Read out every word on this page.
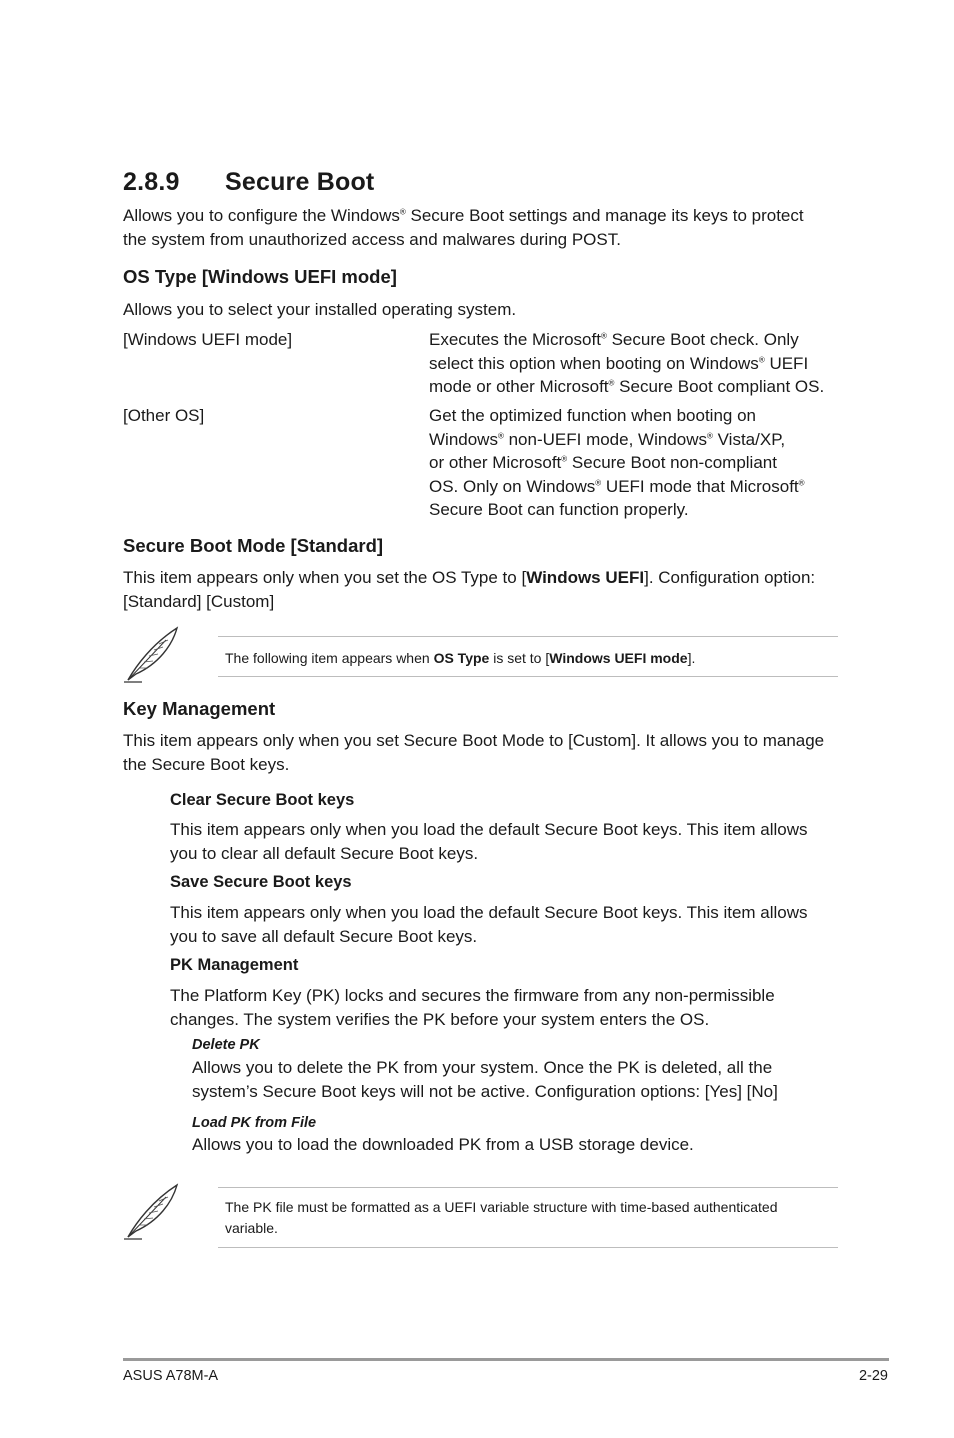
2.8.9 Secure Boot
Allows you to configure the Windows® Secure Boot settings and manage its keys to protect
the system from unauthorized access and malwares during POST.
OS Type [Windows UEFI mode]
Allows you to select your installed operating system.
[Windows UEFI mode]	Executes the Microsoft® Secure Boot check. Only
select this option when booting on Windows® UEFI
mode or other Microsoft® Secure Boot compliant OS.
[Other OS]	Get the optimized function when booting on
Windows® non-UEFI mode, Windows® Vista/XP,
or other Microsoft® Secure Boot non-compliant
OS. Only on Windows® UEFI mode that Microsoft®
Secure Boot can function properly.
Secure Boot Mode [Standard]
This item appears only when you set the OS Type to [Windows UEFI]. Configuration option:
[Standard] [Custom]
The following item appears when OS Type is set to [Windows UEFI mode].
Key Management
This item appears only when you set Secure Boot Mode to [Custom]. It allows you to manage
the Secure Boot keys.
Clear Secure Boot keys
This item appears only when you load the default Secure Boot keys. This item allows
you to clear all default Secure Boot keys.
Save Secure Boot keys
This item appears only when you load the default Secure Boot keys. This item allows
you to save all default Secure Boot keys.
PK Management
The Platform Key (PK) locks and secures the firmware from any non-permissible
changes. The system verifies the PK before your system enters the OS.
Delete PK
Allows you to delete the PK from your system. Once the PK is deleted, all the
system’s Secure Boot keys will not be active. Configuration options: [Yes] [No]
Load PK from File
Allows you to load the downloaded PK from a USB storage device.
The PK file must be formatted as a UEFI variable structure with time-based authenticated
variable.
ASUS A78M-A	2-29
